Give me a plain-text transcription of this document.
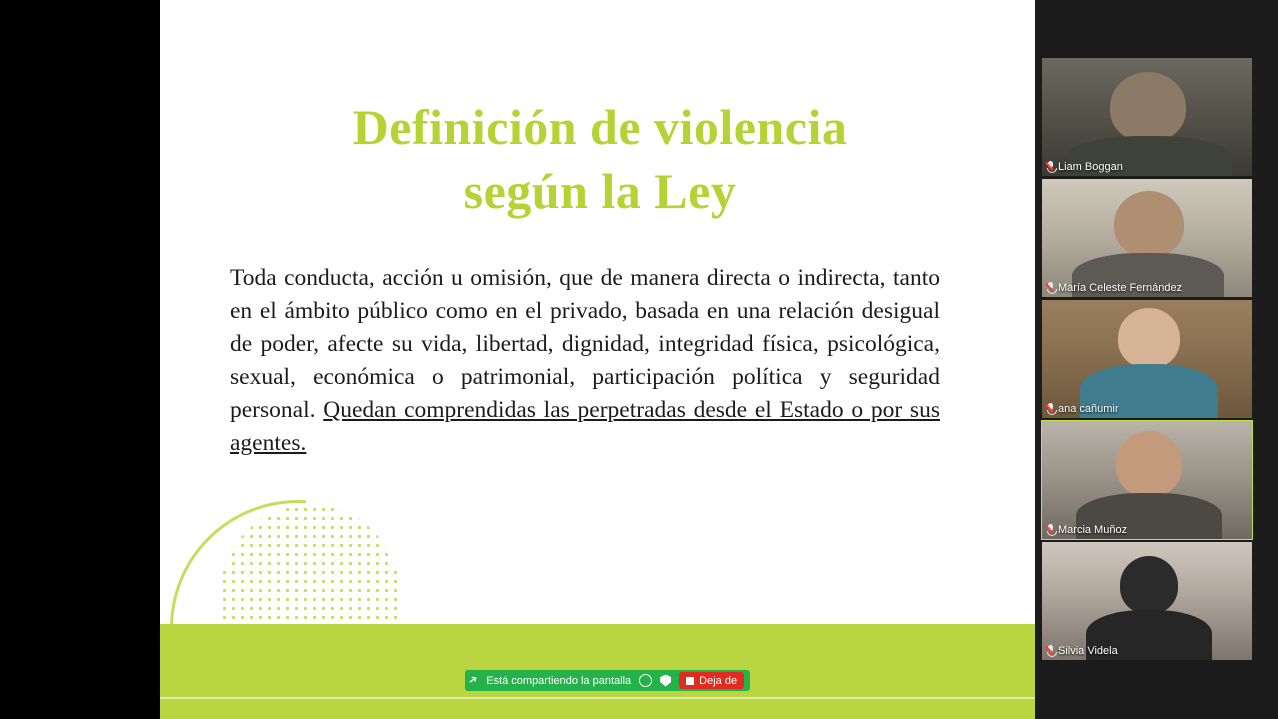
Definición de violencia
según la Ley
Toda conducta, acción u omisión, que de manera directa o indirecta, tanto en el ámbito público como en el privado, basada en una relación desigual de poder, afecte su vida, libertad, dignidad, integridad física, psicológica, sexual, económica o patrimonial, participación política y seguridad personal. Quedan comprendidas las perpetradas desde el Estado o por sus agentes.
➔ Está compartiendo la pantalla	Deja de
Liam Boggan
María Celeste Fernández
ana cañumir
Marcia Muñoz
Silvia Videla
